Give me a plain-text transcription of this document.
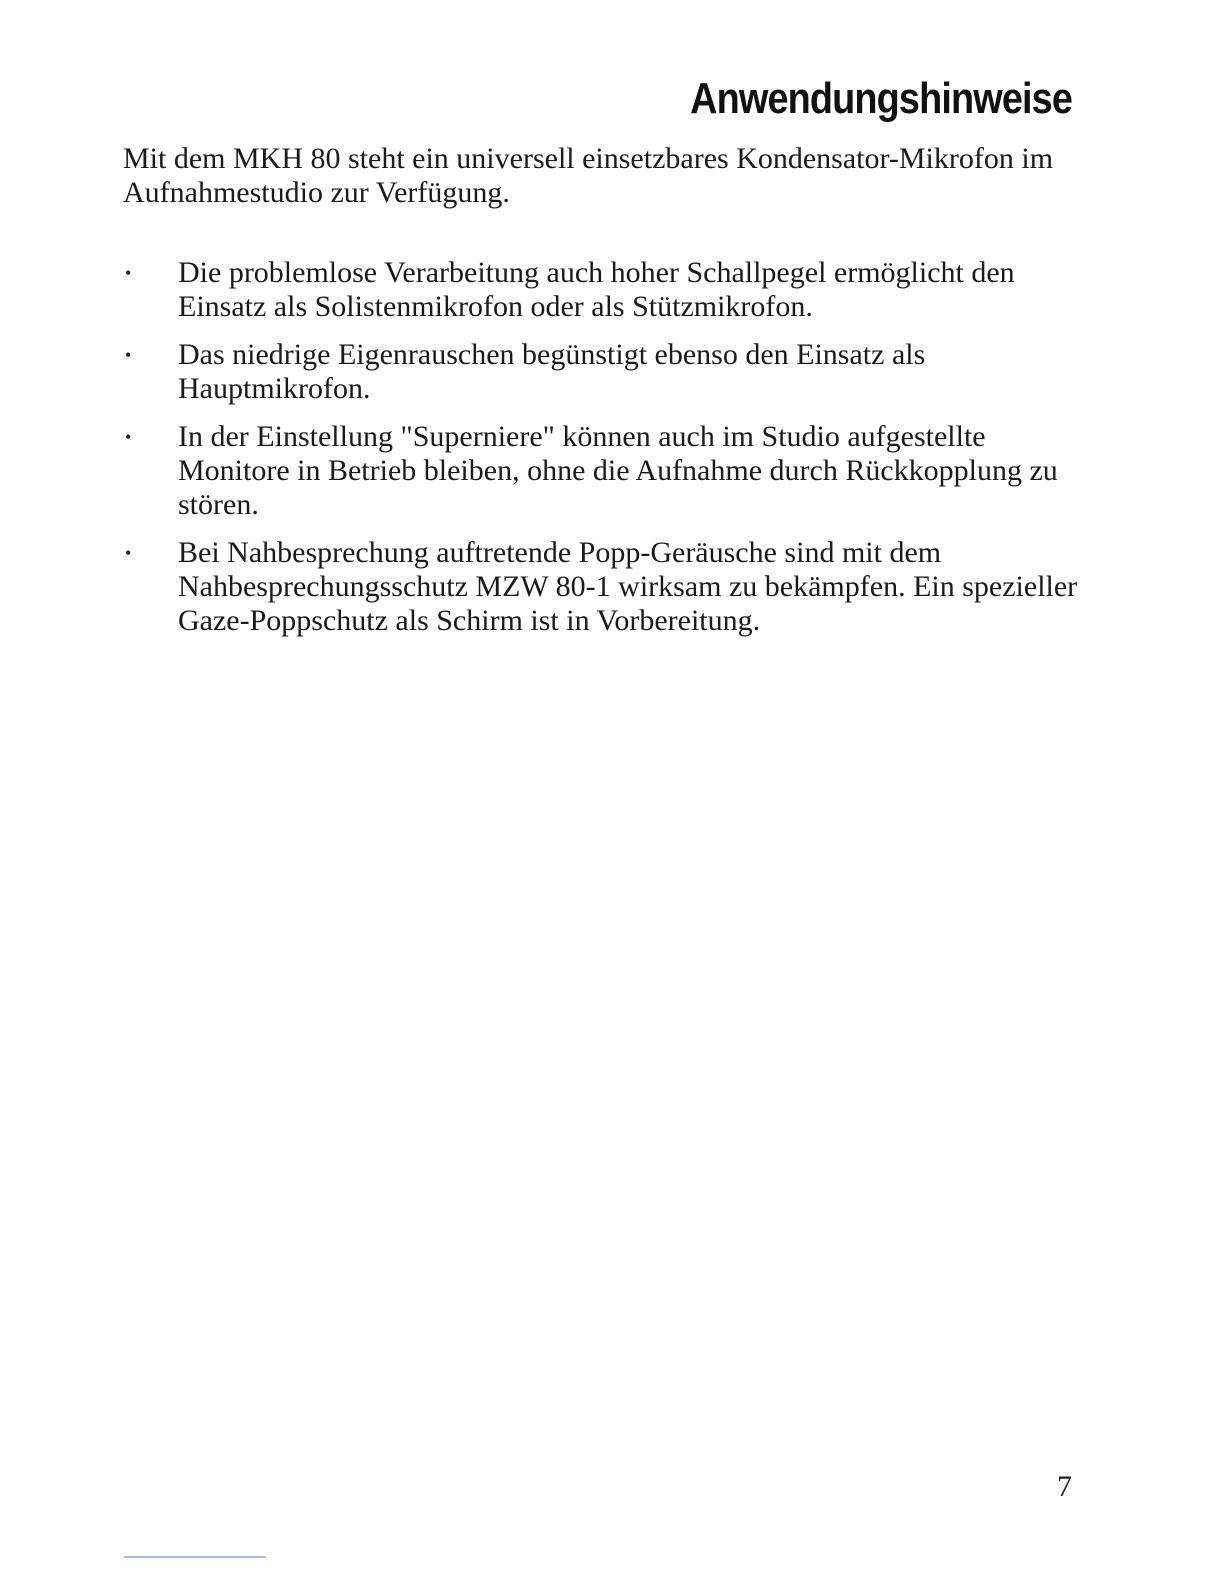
Anwendungshinweise

Mit dem MKH 80 steht ein universell einsetzbares Kondensator-Mikrofon im Aufnahmestudio zur Verfügung.

•	Die problemlose Verarbeitung auch hoher Schallpegel ermöglicht den Einsatz als Solistenmikrofon oder als Stützmikrofon.
•	Das niedrige Eigenrauschen begünstigt ebenso den Einsatz als Hauptmikrofon.
•	In der Einstellung "Superniere" können auch im Studio aufgestellte Monitore in Betrieb bleiben, ohne die Aufnahme durch Rückkopplung zu stören.
•	Bei Nahbesprechung auftretende Popp-Geräusche sind mit dem Nahbesprechungsschutz MZW 80-1 wirksam zu bekämpfen. Ein spezieller Gaze-Poppschutz als Schirm ist in Vorbereitung.
7
